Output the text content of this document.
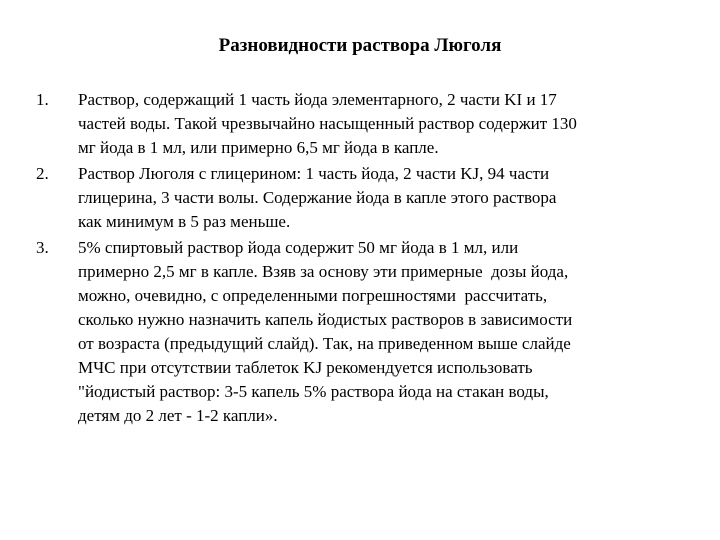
Разновидности раствора Люголя
1.	Раствор, содержащий 1 часть йода элементарного, 2 части KI и 17
частей воды. Такой чрезвычайно насыщенный раствор содержит 130
мг йода в 1 мл, или примерно 6,5 мг йода в капле.
2.	Раствор Люголя с глицерином: 1 часть йода, 2 части KJ, 94 части
глицерина, 3 части волы. Содержание йода в капле этого раствора
как минимум в 5 раз меньше.
3.	5% спиртовый раствор йода содержит 50 мг йода в 1 мл, или
примерно 2,5 мг в капле. Взяв за основу эти примерные  дозы йода,
можно, очевидно, с определенными погрешностями  рассчитать,
сколько нужно назначить капель йодистых растворов в зависимости
от возраста (предыдущий слайд). Так, на приведенном выше слайде
МЧС при отсутствии таблеток KJ рекомендуется использовать
"йодистый раствор: 3-5 капель 5% раствора йода на стакан воды,
детям до 2 лет - 1-2 капли».
